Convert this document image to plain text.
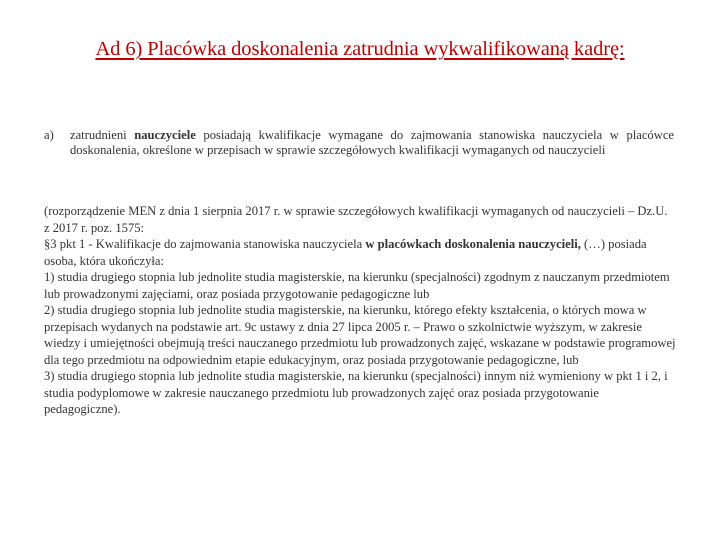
Ad 6) Placówka doskonalenia zatrudnia wykwalifikowaną kadrę:
a) zatrudnieni nauczyciele posiadają kwalifikacje wymagane do zajmowania stanowiska nauczyciela w placówce doskonalenia, określone w przepisach w sprawie szczegółowych kwalifikacji wymaganych od nauczycieli

(rozporządzenie MEN z dnia 1 sierpnia 2017 r. w sprawie szczegółowych kwalifikacji wymaganych od nauczycieli – Dz.U. z 2017 r. poz. 1575:

§3 pkt 1 - Kwalifikacje do zajmowania stanowiska nauczyciela w placówkach doskonalenia nauczycieli, (…) posiada osoba, która ukończyła:

1) studia drugiego stopnia lub jednolite studia magisterskie, na kierunku (specjalności) zgodnym z nauczanym przedmiotem lub prowadzonymi zajęciami, oraz posiada przygotowanie pedagogiczne lub

2) studia drugiego stopnia lub jednolite studia magisterskie, na kierunku, którego efekty kształcenia, o których mowa w przepisach wydanych na podstawie art. 9c ustawy z dnia 27 lipca 2005 r. – Prawo o szkolnictwie wyższym, w zakresie wiedzy i umiejętności obejmują treści nauczanego przedmiotu lub prowadzonych zajęć, wskazane w podstawie programowej dla tego przedmiotu na odpowiednim etapie edukacyjnym, oraz posiada przygotowanie pedagogiczne, lub

3) studia drugiego stopnia lub jednolite studia magisterskie, na kierunku (specjalności) innym niż wymieniony w pkt 1 i 2, i studia podyplomowe w zakresie nauczanego przedmiotu lub prowadzonych zajęć oraz posiada przygotowanie pedagogiczne).
